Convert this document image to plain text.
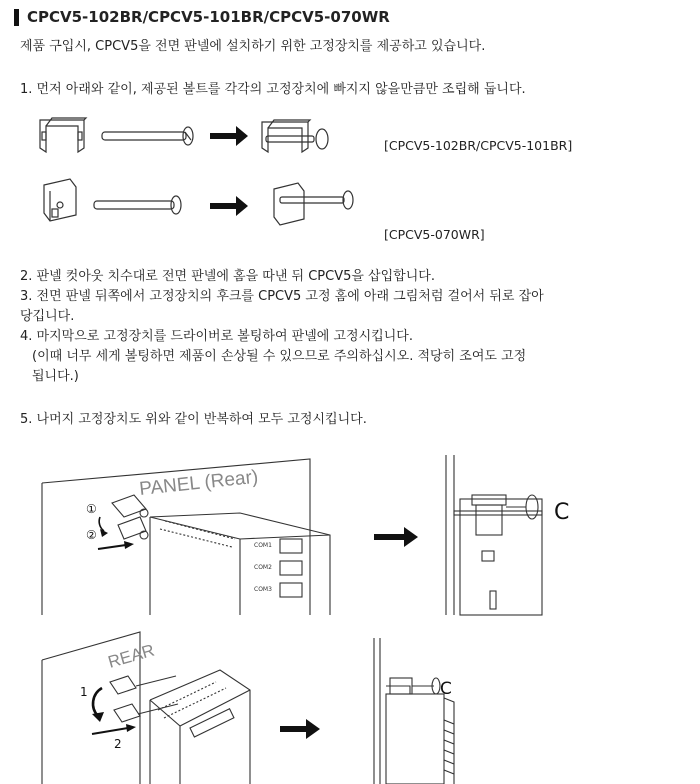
CPCV5-102BR/CPCV5-101BR/CPCV5-070WR
제품 구입시, CPCV5을 전면 판넬에 설치하기 위한 고정장치를 제공하고 있습니다.
1. 먼저 아래와 같이, 제공된 볼트를 각각의 고정장치에 빠지지 않을만큼만 조립해 둡니다.
[CPCV5-102BR/CPCV5-101BR]
[CPCV5-070WR]
2. 판넬 컷아웃 치수대로 전면 판넬에 홈을 따낸 뒤 CPCV5을 삽입합니다.
3. 전면 판넬 뒤쪽에서 고정장치의 후크를 CPCV5 고정 홈에 아래 그림처럼 걸어서 뒤로 잡아
당깁니다.
4. 마지막으로 고정장치를 드라이버로 볼팅하여 판넬에 고정시킵니다.
(이때 너무 세게 볼팅하면 제품이 손상될 수 있으므로 주의하십시오. 적당히 조여도 고정
됩니다.)
5. 나머지 고정장치도 위와 같이 반복하여 모두 고정시킵니다.
PANEL (Rear)
COM1
COM2
COM3
①
②
C
REAR
1
2
C
